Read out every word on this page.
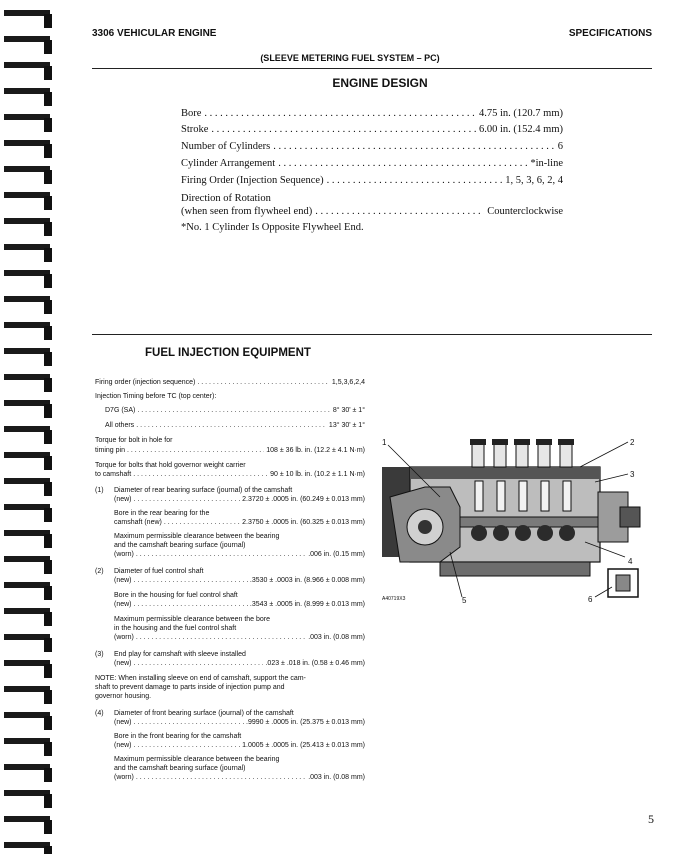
3306 VEHICULAR ENGINE	SPECIFICATIONS
(SLEEVE METERING FUEL SYSTEM – PC)
ENGINE DESIGN
Bore . . .	4.75 in. (120.7 mm)
Stroke . . .	6.00 in. (152.4 mm)
Number of Cylinders . . .	6
Cylinder Arrangement . . .	*in-line
Firing Order (Injection Sequence) . . .	1, 5, 3, 6, 2, 4
Direction of Rotation
(when seen from flywheel end) . . .	Counterclockwise
*No. 1 Cylinder Is Opposite Flywheel End.
FUEL INJECTION EQUIPMENT
Firing order (injection sequence) . . .	1,5,3,6,2,4
Injection Timing before TC (top center):
D7G (SA) . . .	8° 30' ± 1°
All others . . .	13° 30' ± 1°
Torque for bolt in hole for
timing pin . . .	108 ± 36 lb. in. (12.2 ± 4.1 N·m)
Torque for bolts that hold governor weight carrier
to camshaft . . .	90 ± 10 lb. in. (10.2 ± 1.1 N·m)
(1) Diameter of rear bearing surface (journal) of the camshaft
(new) . . .	2.3720 ± .0005 in. (60.249 ± 0.013 mm)
Bore in the rear bearing for the
camshaft (new) . . .	2.3750 ± .0005 in. (60.325 ± 0.013 mm)
Maximum permissible clearance between the bearing
and the camshaft bearing surface (journal)
(worn) . . .	.006 in. (0.15 mm)
(2) Diameter of fuel control shaft
(new) . . .	.3530 ± .0003 in. (8.966 ± 0.008 mm)
Bore in the housing for fuel control shaft
(new) . . .	.3543 ± .0005 in. (8.999 ± 0.013 mm)
Maximum permissible clearance between the bore
in the housing and the fuel control shaft
(worn) . . .	.003 in. (0.08 mm)
(3) End play for camshaft with sleeve installed
(new) . . .	.023 ± .018 in. (0.58 ± 0.46 mm)
NOTE: When installing sleeve on end of camshaft, support the cam-
shaft to prevent damage to parts inside of injection pump and
governor housing.
(4) Diameter of front bearing surface (journal) of the camshaft
(new) . . .	.9990 ± .0005 in. (25.375 ± 0.013 mm)
Bore in the front bearing for the camshaft
(new) . . .	1.0005 ± .0005 in. (25.413 ± 0.013 mm)
Maximum permissible clearance between the bearing
and the camshaft bearing surface (journal)
(worn) . . .	.003 in. (0.08 mm)
1	2
3
4
5	6
A40719X3
5
